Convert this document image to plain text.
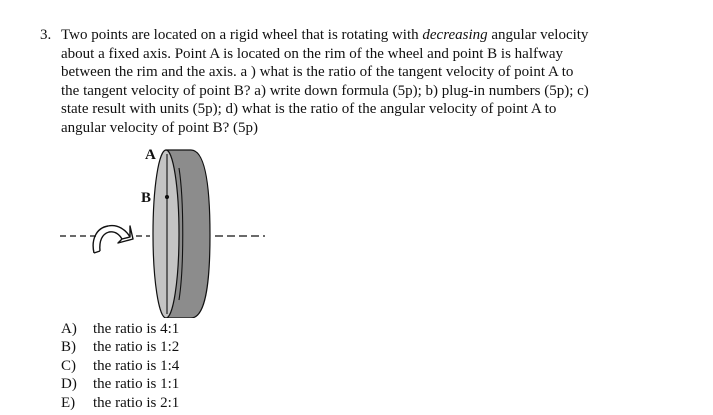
3. Two points are located on a rigid wheel that is rotating with decreasing angular velocity
about a fixed axis. Point A is located on the rim of the wheel and point B is halfway
between the rim and the axis. a ) what is the ratio of the tangent velocity of point A to
the tangent velocity of point B? a) write down formula (5p); b) plug-in numbers (5p); c)
state result with units (5p); d) what is the ratio of the angular velocity of point A to
angular velocity of point B? (5p)
A
B
A) the ratio is 4:1
B) the ratio is 1:2
C) the ratio is 1:4
D) the ratio is 1:1
E) the ratio is 2:1
